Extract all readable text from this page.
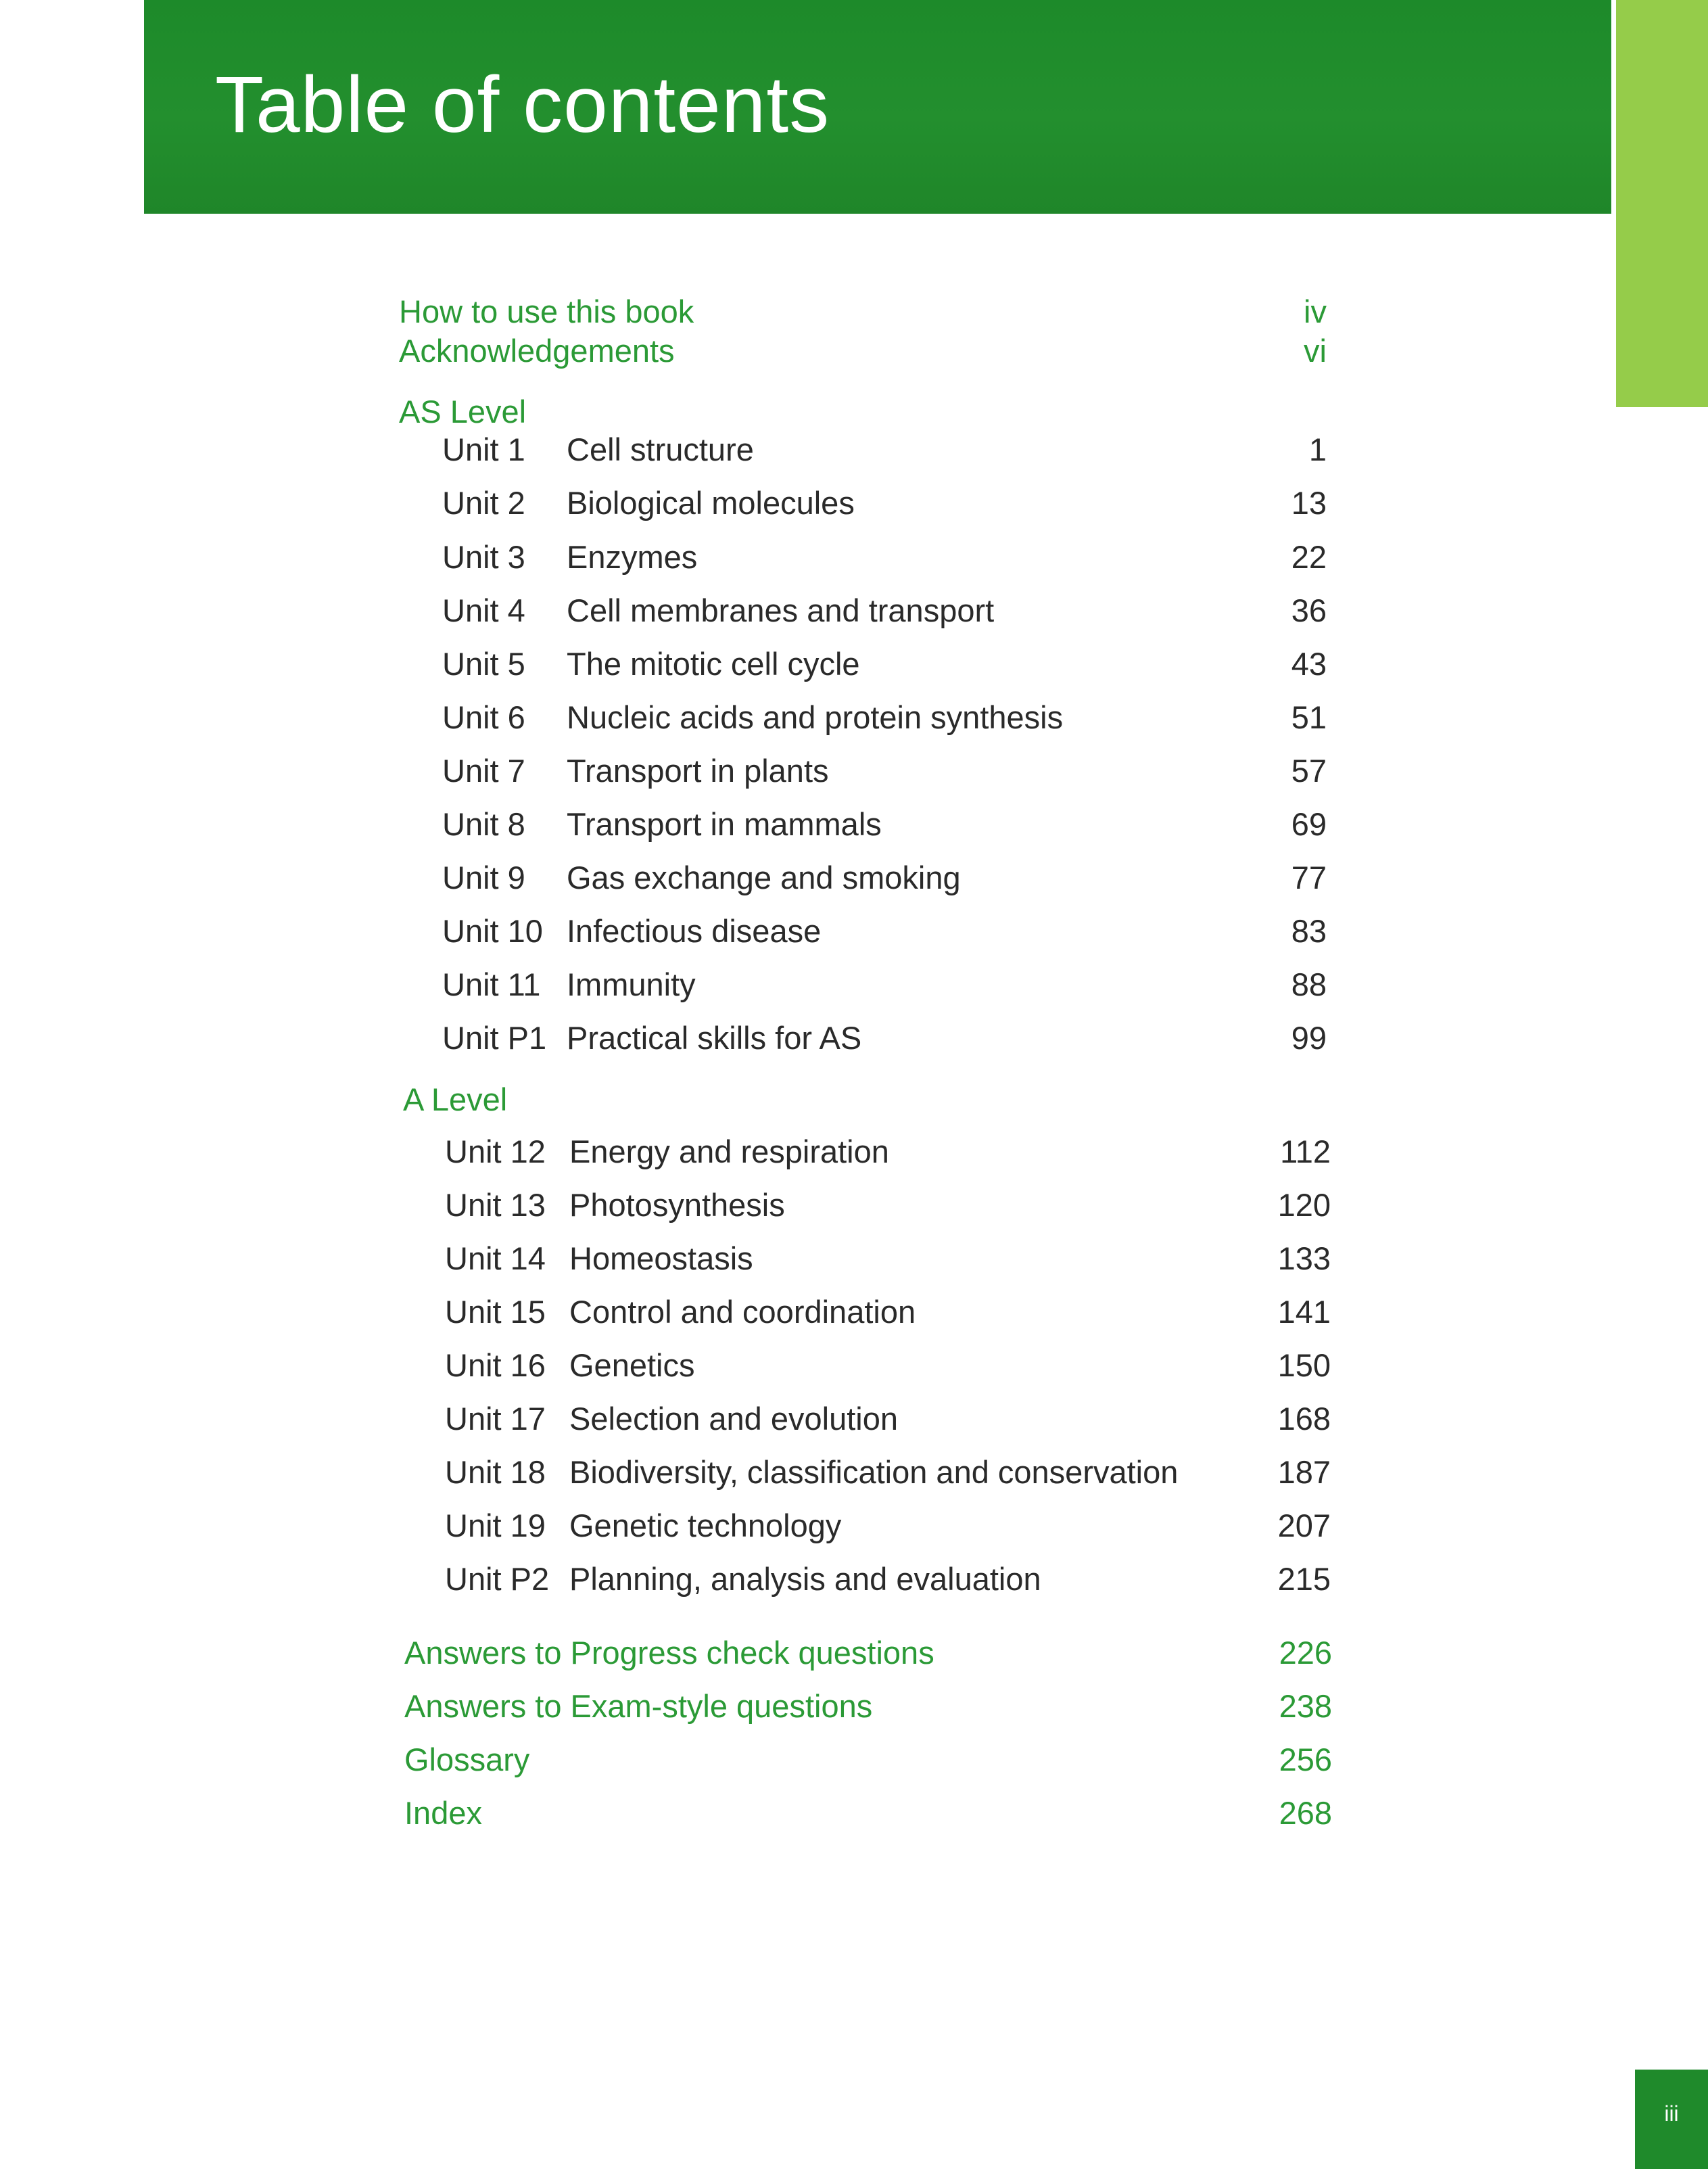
Table of contents
How to use this book	iv
Acknowledgements	vi
AS Level
Unit 1 Cell structure	1
Unit 2 Biological molecules	13
Unit 3 Enzymes	22
Unit 4 Cell membranes and transport	36
Unit 5 The mitotic cell cycle	43
Unit 6 Nucleic acids and protein synthesis	51
Unit 7 Transport in plants	57
Unit 8 Transport in mammals	69
Unit 9 Gas exchange and smoking	77
Unit 10 Infectious disease	83
Unit 11 Immunity	88
Unit P1 Practical skills for AS	99
A Level
Unit 12 Energy and respiration	112
Unit 13 Photosynthesis	120
Unit 14 Homeostasis	133
Unit 15 Control and coordination	141
Unit 16 Genetics	150
Unit 17 Selection and evolution	168
Unit 18 Biodiversity, classification and conservation	187
Unit 19 Genetic technology	207
Unit P2 Planning, analysis and evaluation	215
Answers to Progress check questions	226
Answers to Exam-style questions	238
Glossary	256
Index	268
iii
